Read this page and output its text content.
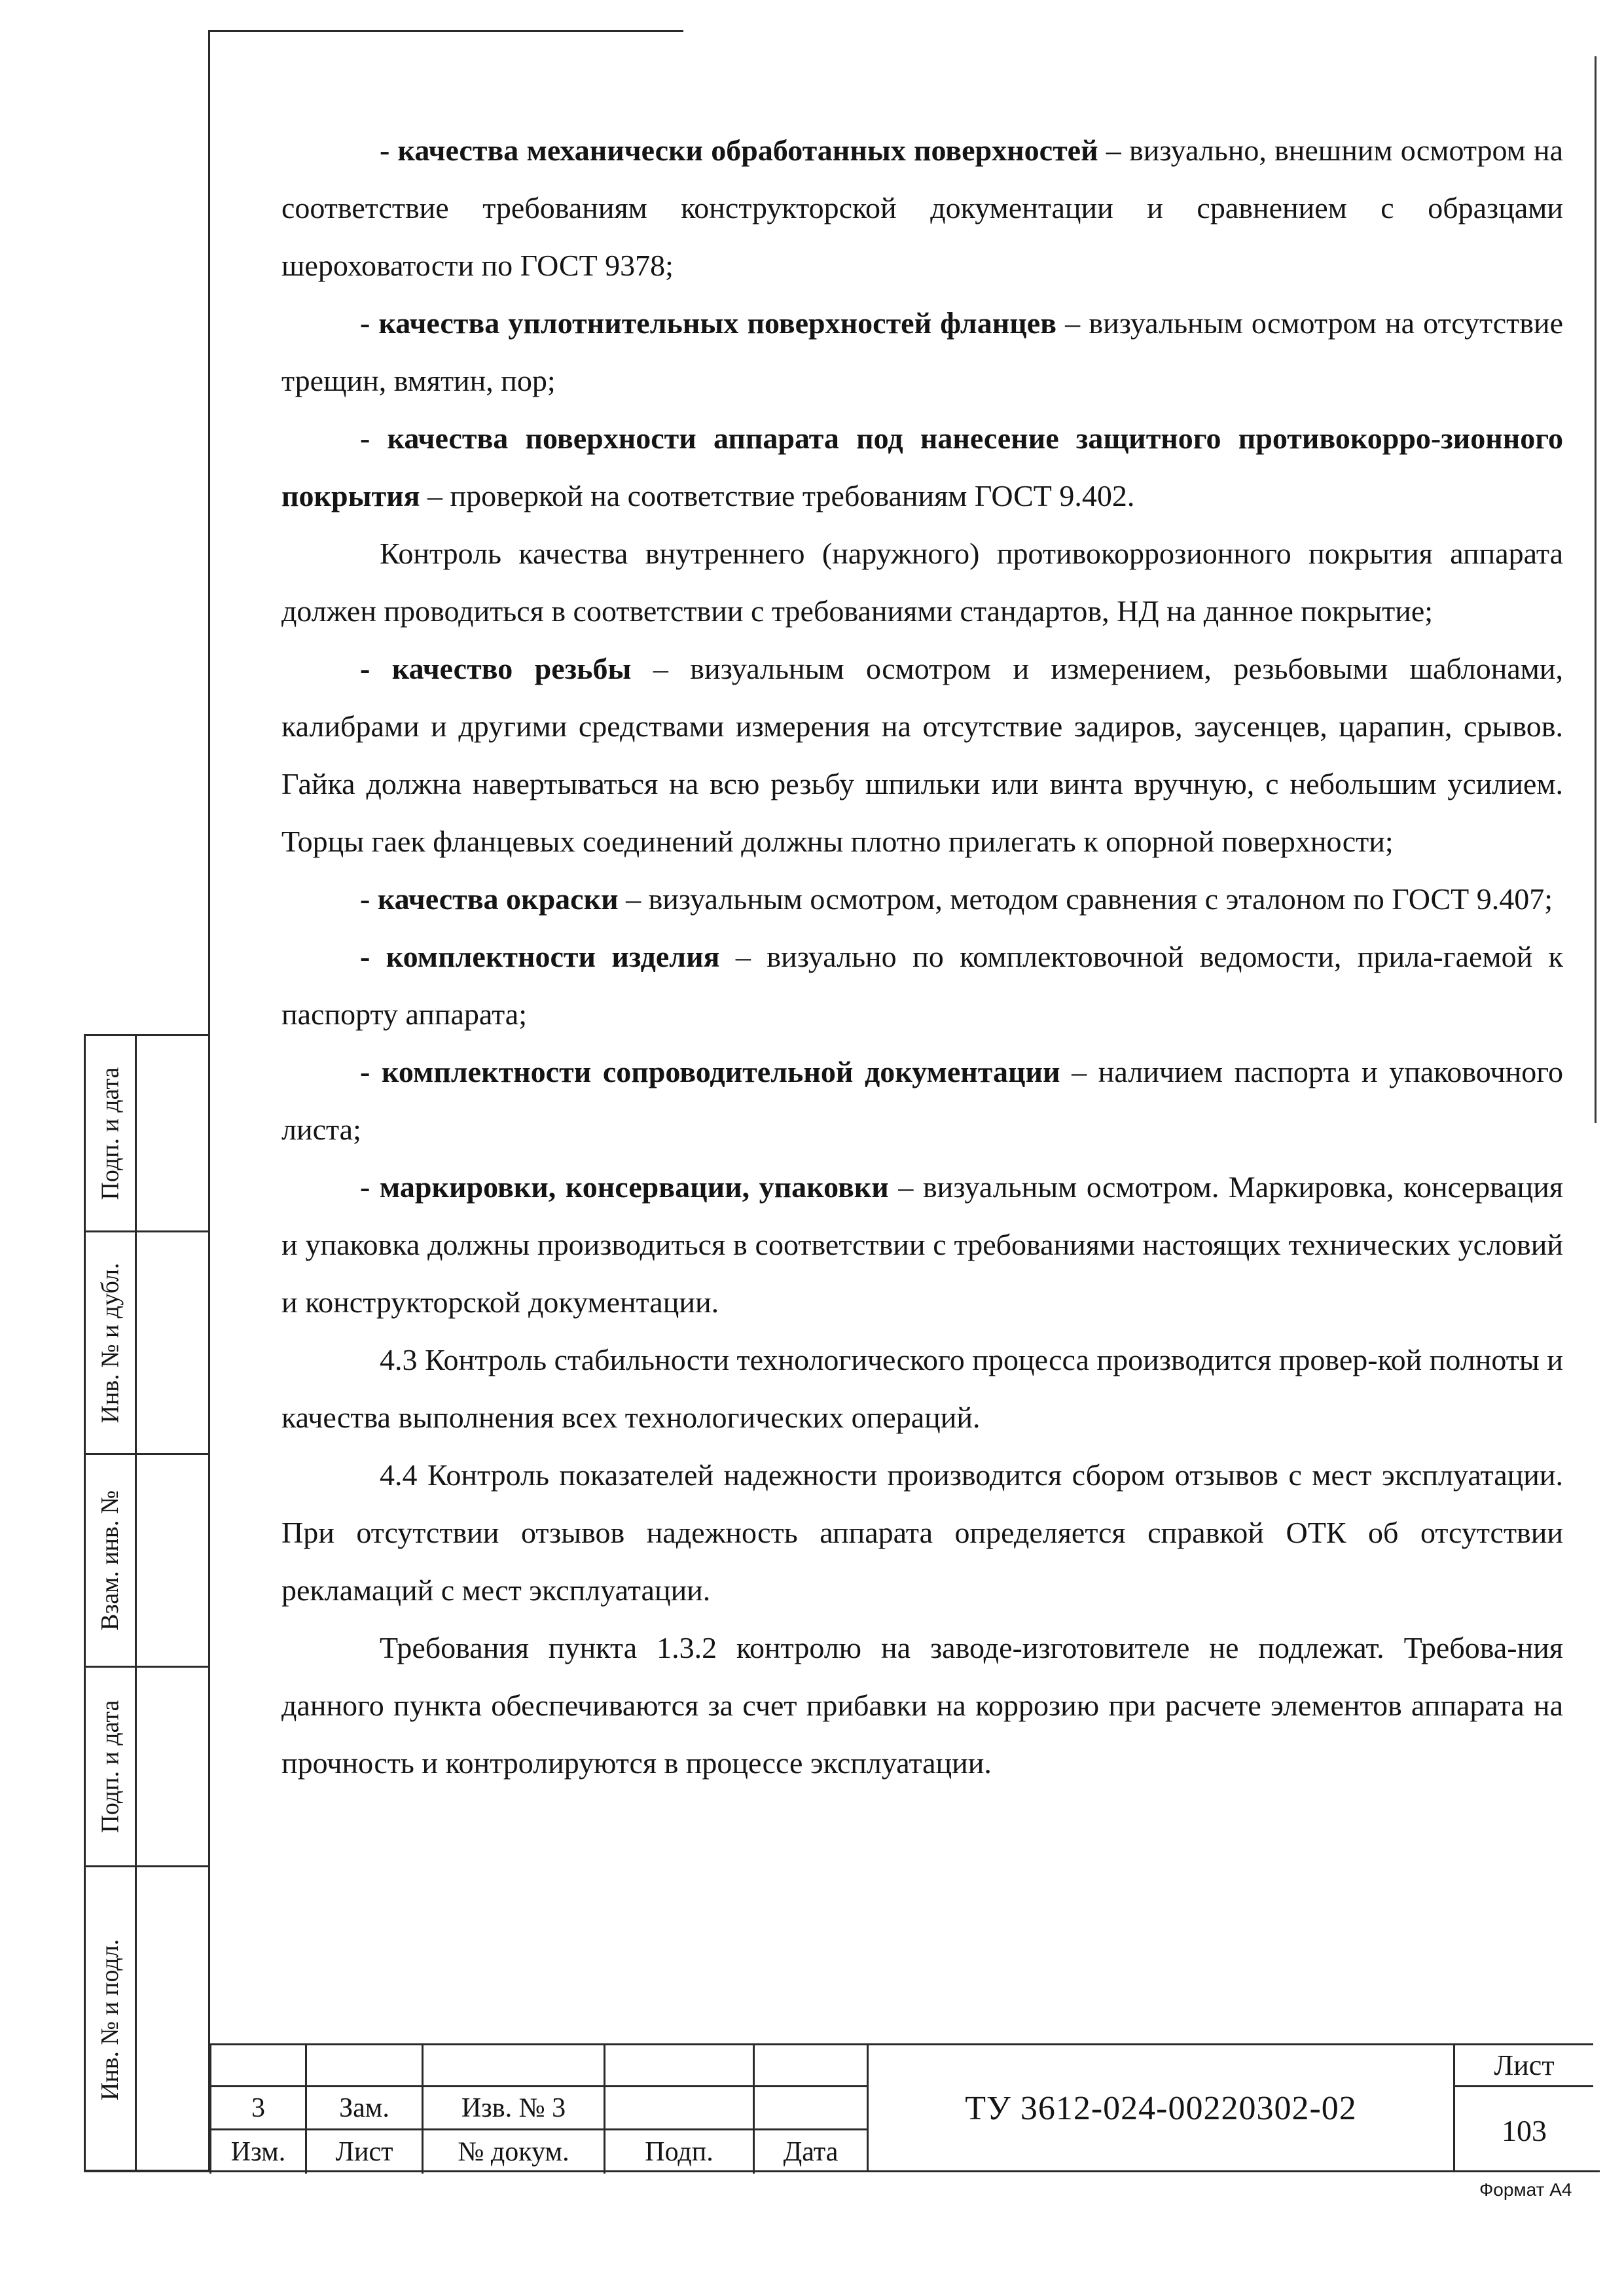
Подп. и дата
Инв. № и дубл.
Взам. инв. №
Подп. и дата
Инв. № и подл.

- качества механически обработанных поверхностей – визуально, внешним осмотром на соответствие требованиям конструкторской документации и сравнением с образцами шероховатости по ГОСТ 9378;

- качества уплотнительных поверхностей фланцев – визуальным осмотром на отсутствие трещин, вмятин, пор;

- качества поверхности аппарата под нанесение защитного противокорро-зионного покрытия – проверкой на соответствие требованиям ГОСТ 9.402.

Контроль качества внутреннего (наружного) противокоррозионного покрытия аппарата должен проводиться в соответствии с требованиями стандартов, НД на данное покрытие;

- качество резьбы – визуальным осмотром и измерением, резьбовыми шаблонами, калибрами и другими средствами измерения на отсутствие задиров, заусенцев, царапин, срывов. Гайка должна навертываться на всю резьбу шпильки или винта вручную, с небольшим усилием. Торцы гаек фланцевых соединений должны плотно прилегать к опорной поверхности;

- качества окраски – визуальным осмотром, методом сравнения с эталоном по ГОСТ 9.407;

- комплектности изделия – визуально по комплектовочной ведомости, прила-гаемой к паспорту аппарата;

- комплектности сопроводительной документации – наличием паспорта и упаковочного листа;

- маркировки, консервации, упаковки – визуальным осмотром. Маркировка, консервация и упаковка должны производиться в соответствии с требованиями настоящих технических условий и конструкторской документации.

4.3 Контроль стабильности технологического процесса производится провер-кой полноты и качества выполнения всех технологических операций.

4.4 Контроль показателей надежности производится сбором отзывов с мест эксплуатации. При отсутствии отзывов надежность аппарата определяется справкой ОТК об отсутствии рекламаций с мест эксплуатации.

Требования пункта 1.3.2 контролю на заводе-изготовителе не подлежат. Требова-ния данного пункта обеспечиваются за счет прибавки на коррозию при расчете элементов аппарата на прочность и контролируются в процессе эксплуатации.

3	Зам.	Изв. № 3
Изм.	Лист	№ докум.	Подп.	Дата
ТУ 3612-024-00220302-02
Лист
103
Формат А4
